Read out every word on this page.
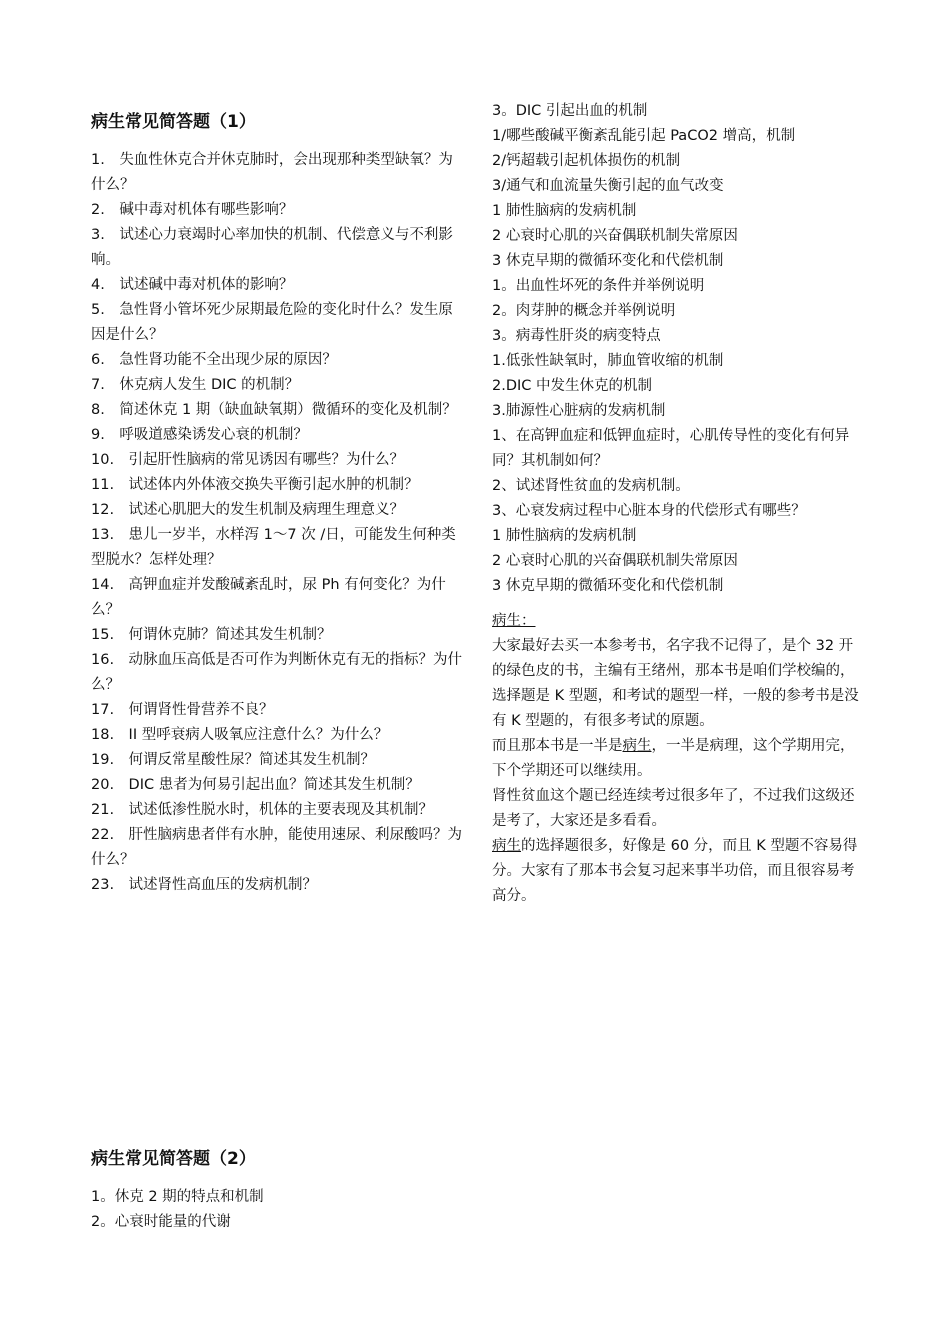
病生常见简答题（1）
1.　失血性休克合并休克肺时，会出现那种类型缺氧？为什么？
2.　碱中毒对机体有哪些影响？
3.　试述心力衰竭时心率加快的机制、代偿意义与不利影响。
4.　试述碱中毒对机体的影响？
5.　急性肾小管坏死少尿期最危险的变化时什么？发生原因是什么？
6.　急性肾功能不全出现少尿的原因？
7.　休克病人发生 DIC 的机制？
8.　简述休克 1 期（缺血缺氧期）微循环的变化及机制？
9.　呼吸道感染诱发心衰的机制？
10.　引起肝性脑病的常见诱因有哪些？为什么？
11.　试述体内外体液交换失平衡引起水肿的机制？
12.　试述心肌肥大的发生机制及病理生理意义？
13.　患儿一岁半，水样泻 1～7 次 /日，可能发生何种类型脱水？怎样处理？
14.　高钾血症并发酸碱紊乱时，尿 Ph 有何变化？为什么？
15.　何谓休克肺？简述其发生机制？
16.　动脉血压高低是否可作为判断休克有无的指标？为什么？
17.　何谓肾性骨营养不良？
18.　II 型呼衰病人吸氧应注意什么？为什么？
19.　何谓反常星酸性尿？简述其发生机制？
20.　DIC 患者为何易引起出血？简述其发生机制？
21.　试述低渗性脱水时，机体的主要表现及其机制？
22.　肝性脑病患者伴有水肿，能使用速尿、利尿酸吗？为什么？
23.　试述肾性高血压的发病机制？
3。DIC 引起出血的机制
1/哪些酸碱平衡紊乱能引起 PaCO2 增高，机制
2/钙超载引起机体损伤的机制
3/通气和血流量失衡引起的血气改变
1 肺性脑病的发病机制
2 心衰时心肌的兴奋偶联机制失常原因
3 休克早期的微循环变化和代偿机制
1。出血性坏死的条件并举例说明
2。肉芽肿的概念并举例说明
3。病毒性肝炎的病变特点
1.低张性缺氧时，肺血管收缩的机制
2.DIC 中发生休克的机制
3.肺源性心脏病的发病机制
1、在高钾血症和低钾血症时，心肌传导性的变化有何异同？其机制如何？
2、试述肾性贫血的发病机制。
3、心衰发病过程中心脏本身的代偿形式有哪些？
1 肺性脑病的发病机制
2 心衰时心肌的兴奋偶联机制失常原因
3 休克早期的微循环变化和代偿机制
病生：
大家最好去买一本参考书，名字我不记得了，是个 32 开的绿色皮的书，主编有王绪州，那本书是咱们学校编的，选择题是 K 型题，和考试的题型一样，一般的参考书是没有 K 型题的，有很多考试的原题。
而且那本书是一半是病生，一半是病理，这个学期用完，下个学期还可以继续用。
肾性贫血这个题已经连续考过很多年了，不过我们这级还是考了，大家还是多看看。
病生的选择题很多，好像是 60 分，而且 K 型题不容易得分。大家有了那本书会复习起来事半功倍，而且很容易考高分。
病生常见简答题（2）
1。休克 2 期的特点和机制
2。心衰时能量的代谢
